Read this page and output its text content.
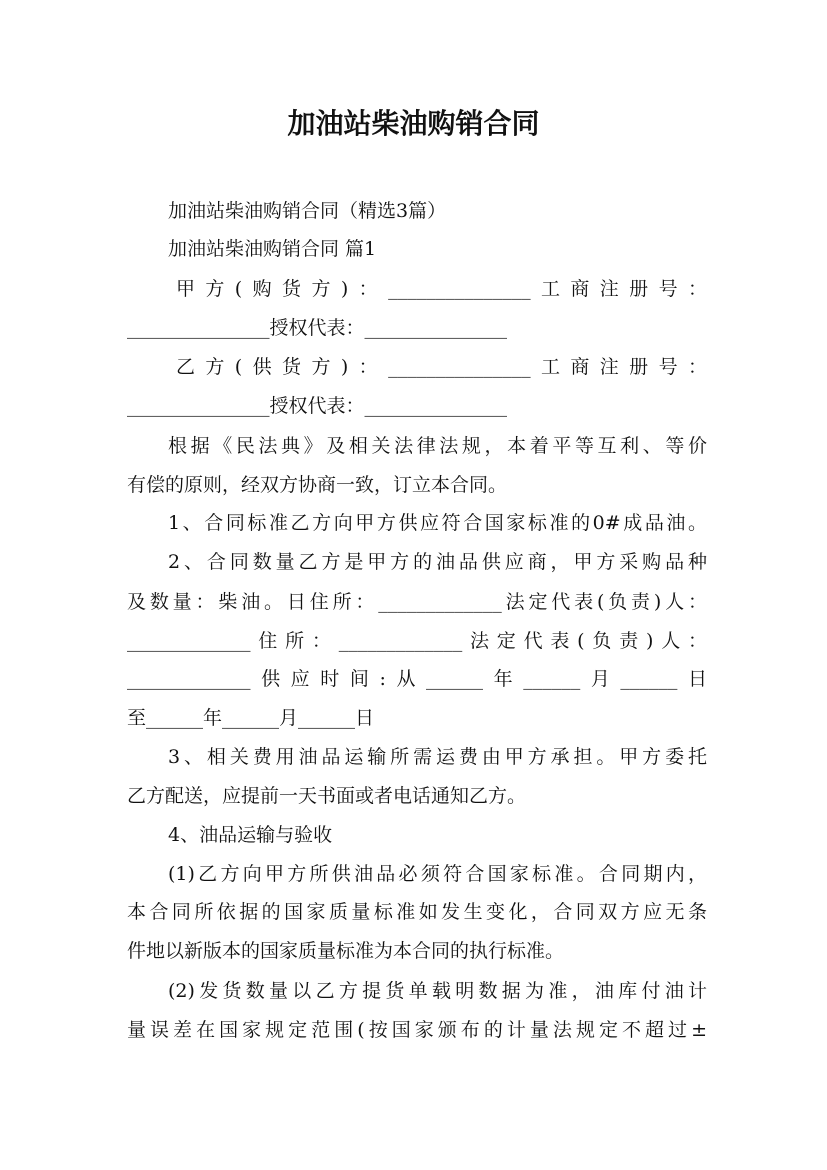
加油站柴油购销合同
加油站柴油购销合同（精选3篇）
加油站柴油购销合同 篇1
甲方(购货方)：_______________工商注册号：
_______________授权代表：_______________
乙方(供货方)：_______________工商注册号：
_______________授权代表：_______________
根据《民法典》及相关法律法规，本着平等互利、等价
有偿的原则，经双方协商一致，订立本合同。
1、合同标准乙方向甲方供应符合国家标准的0#成品油。
2、合同数量乙方是甲方的油品供应商，甲方采购品种
及数量：柴油。日住所：_____________法定代表(负责)人：
_____________住所：_____________法定代表(负责)人：
_____________供应时间:从______年______月______日
至______年______月______日
3、相关费用油品运输所需运费由甲方承担。甲方委托
乙方配送，应提前一天书面或者电话通知乙方。
4、油品运输与验收
(1)乙方向甲方所供油品必须符合国家标准。合同期内，
本合同所依据的国家质量标准如发生变化，合同双方应无条
件地以新版本的国家质量标准为本合同的执行标准。
(2)发货数量以乙方提货单载明数据为准，油库付油计
量误差在国家规定范围(按国家颁布的计量法规定不超过±
